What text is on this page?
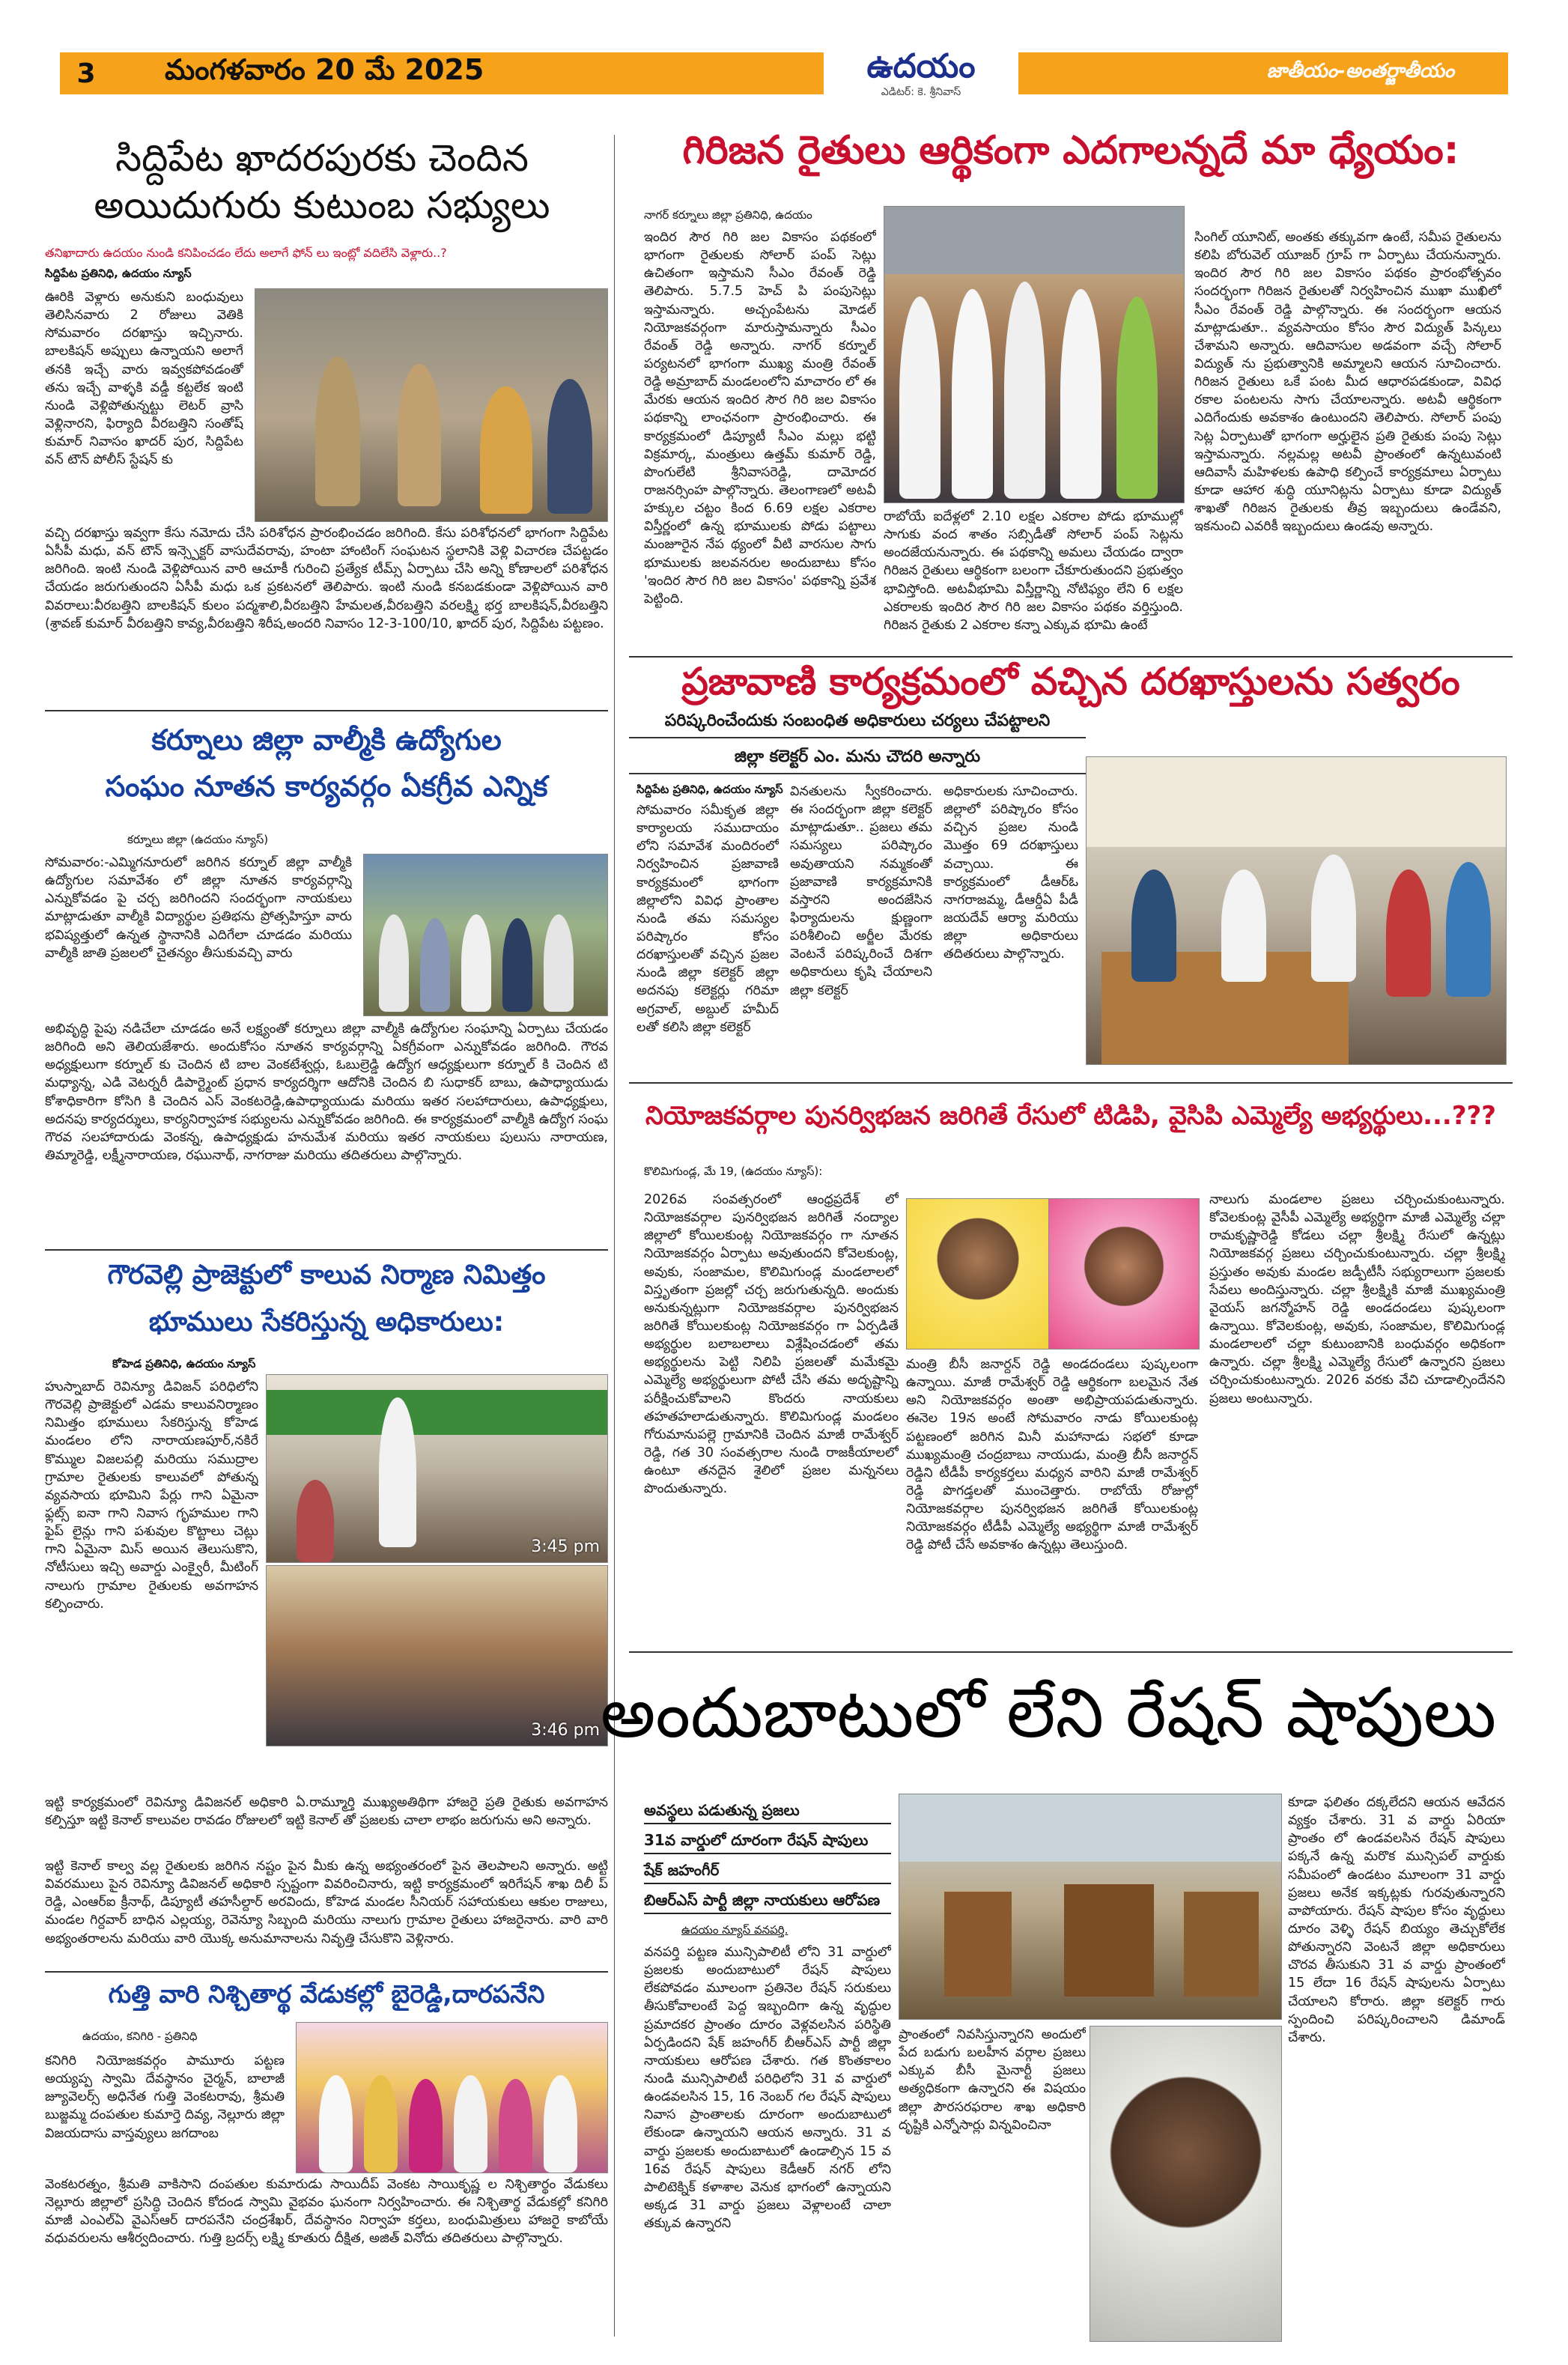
3	మంగళవారం 20 మే 2025	ఉదయం
ఎడిటర్: కె. శ్రీనివాస్
జాతీయం-అంతర్జాతీయం
సిద్దిపేట ఖాదరపురకు చెందిన
అయిదుగురు కుటుంబ సభ్యులు
తనిఖాదారు ఉదయం నుండి కనిపించడం లేదు అలాగే ఫోన్ లు ఇంట్లో వదిలేసి వెళ్లారు..?
సిద్దిపేట ప్రతినిధి, ఉదయం న్యూస్
ఊరికి వెళ్లారు అనుకుని బంధువులు తెలిసినవారు 2 రోజులు వెతికి సోమవారం దరఖాస్తు ఇచ్చినారు. బాలకిషన్ అప్పులు ఉన్నాయని అలాగే తనకి ఇచ్చే వారు ఇవ్వకపోవడంతో తను ఇచ్చే వాళ్ళకి వడ్డీ కట్టలేక ఇంటి నుండి వెళ్లిపోతున్నట్టు లెటర్ వ్రాసి వెళ్లినారని, ఫిర్యాది వీరబత్తిని సంతోష్ కుమార్ నివాసం ఖాదర్ పుర, సిద్దిపేట వన్ టౌన్ పోలీస్ స్టేషన్ కు
వచ్చి దరఖాస్తు ఇవ్వగా కేసు నమోదు చేసి పరిశోధన ప్రారంభించడం జరిగింది. కేసు పరిశోధనలో భాగంగా సిద్దిపేట ఏసీపీ మధు, వన్ టౌన్ ఇన్స్పెక్టర్ వాసుదేవరావు, హంటా హాంటింగ్ సంఘటన స్థలానికి వెళ్లి విచారణ చేపట్టడం జరిగింది. ఇంటి నుండి వెళ్లిపోయిన వారి ఆచూకీ గురించి ప్రత్యేక టీమ్స్ ఏర్పాటు చేసి అన్ని కోణాలలో పరిశోధన చేయడం జరుగుతుందని ఏసీపీ మధు ఒక ప్రకటనలో తెలిపారు. ఇంటి నుండి కనబడకుండా వెళ్లిపోయిన వారి వివరాలు:వీరబత్తిని బాలకిషన్ కులం పద్మశాలి,వీరబత్తిని హేమలత,వీరబత్తిని వరలక్ష్మి భర్త బాలకిషన్,వీరబత్తిని (శ్రావణ్ కుమార్ వీరబత్తిని కావ్య,వీరబత్తిని శిరీష,అందరి నివాసం 12-3-100/10, ఖాదర్ పుర, సిద్దిపేట పట్టణం.
కర్నూలు జిల్లా వాల్మీకి ఉద్యోగుల
సంఘం నూతన కార్యవర్గం ఏకగ్రీవ ఎన్నిక
కర్నూలు జిల్లా (ఉదయం న్యూస్)
సోమవారం:-ఎమ్మిగనూరులో జరిగిన కర్నూల్ జిల్లా వాల్మీకి ఉద్యోగుల సమావేశం లో జిల్లా నూతన కార్యవర్గాన్ని ఎన్నుకోవడం పై చర్చ జరిగిందని సందర్భంగా నాయకులు మాట్లాడుతూ వాల్మీకి విద్యార్థుల ప్రతిభను ప్రోత్సహిస్తూ వారు భవిష్యత్తులో ఉన్నత స్థానానికి ఎదిగేలా చూడడం మరియు వాల్మీకి జాతి ప్రజలలో చైతన్యం తీసుకువచ్చి వారు
అభివృద్ధి పైపు నడిచేలా చూడడం అనే లక్ష్యంతో కర్నూలు జిల్లా వాల్మీకి ఉద్యోగుల సంఘాన్ని ఏర్పాటు చేయడం జరిగింది అని తెలియజేశారు. అందుకోసం నూతన కార్యవర్గాన్ని ఏకగ్రీవంగా ఎన్నుకోవడం జరిగింది. గౌరవ అధ్యక్షులుగా కర్నూల్ కు చెందిన టి బాల వెంకటేశ్వర్లు, ఓబుల్రెడ్డి ఉద్యోగ ఆధ్యక్షులుగా కర్నూల్ కి చెందిన టి మధ్యాన్న, ఎడి వెటర్నరీ డిపార్ట్మెంట్ ప్రధాన కార్యదర్శిగా ఆదోనికి చెందిన బి సుధాకర్ బాబు, ఉపాధ్యాయుడు కోశాధికారిగా కోసిగి కి చెందిన ఎస్ వెంకటరెడ్డి,ఉపాధ్యాయుడు మరియు ఇతర సలహాదారులు, ఉపాధ్యక్షులు, అదనపు కార్యదర్శులు, కార్యనిర్వాహక సభ్యులను ఎన్నుకోవడం జరిగింది. ఈ కార్యక్రమంలో వాల్మీకి ఉద్యోగ సంఘ గౌరవ సలహాదారుడు వెంకన్న, ఉపాధ్యక్షుడు హనుమేశ మరియు ఇతర నాయకులు పులుసు నారాయణ, తిమ్మారెడ్డి, లక్ష్మీనారాయణ, రఘునాథ్, నాగరాజు మరియు తదితరులు పాల్గొన్నారు.
గౌరవెల్లి ప్రాజెక్టులో కాలువ నిర్మాణ నిమిత్తం
భూములు సేకరిస్తున్న అధికారులు:
కోహెడ ప్రతినిధి, ఉదయం న్యూస్
హుస్నాబాద్ రెవిన్యూ డివిజన్ పరిధిలోని గౌరవెల్లి ప్రాజెక్టులో ఎడమ కాలువనిర్మాణం నిమిత్తం భూములు సేకరిస్తున్న కోహెడ మండలం లోని నారాయణపూర్,నకిరే కొమ్ముల విజలపల్లి మరియు సముద్రాల గ్రామాల రైతులకు కాలువలో పోతున్న వ్యవసాయ భూమిని పేర్లు గాని ఏమైనా ఫ్లట్స్ ఐనా గాని నివాస గృహముల గాని ఫైప్ లైన్లు గాని పశువుల కొట్టాలు చెట్లు గాని ఏమైనా మిస్ అయిన తెలుసుకొని, నోటీసులు ఇచ్చి అవార్డు ఎంక్వైరీ, మీటింగ్ నాలుగు గ్రామాల రైతులకు అవగాహన కల్పించారు.
3:45 pm
3:46 pm
ఇట్టి కార్యక్రమంలో రెవిన్యూ డివిజనల్ అధికారి ఏ.రామ్మూర్తి ముఖ్యఅతిథిగా హాజరై ప్రతి రైతుకు అవగాహన కల్పిస్తూ ఇట్టి కెనాల్ కాలువల రావడం రోజులలో ఇట్టి కెనాల్ తో ప్రజలకు చాలా లాభం జరుగును అని అన్నారు.
ఇట్టి కెనాల్ కాల్వ వల్ల రైతులకు జరిగిన నష్టం పైన మీకు ఉన్న అభ్యంతరంలో పైన తెలపాలని అన్నారు. అట్టి వివరములు పైన రెవిన్యూ డివిజనల్ అధికారి స్పష్టంగా వివరించినారు, ఇట్టి కార్యక్రమంలో ఇరిగేషన్ శాఖ దిలీ ప్ రెడ్డి, ఎంఆర్ఐ క్రీనాథ్, డిప్యూటీ తహసీల్దార్ అరవిందు, కోహెడ మండల సీనియర్ సహాయకులు ఆకుల రాజులు, మండల గిర్దవార్ బాధిన ఎల్లయ్య, రెవెన్యూ సిబ్బంది మరియు నాలుగు గ్రామాల రైతులు హాజరైనారు. వారి వారి అభ్యంతరాలను మరియు వారి యొక్క అనుమానాలను నివృత్తి చేసుకొని వెళ్లినారు.
గుత్తి వారి నిశ్చితార్థ వేడుకల్లో బైరెడ్డి,దారపనేని
ఉదయం, కనిగిరి - ప్రతినిధి
కనిగిరి నియోజకవర్గం పామూరు పట్టణ అయ్యప్ప స్వామి దేవస్థానం చైర్మన్, బాలాజీ జ్యూవెలర్స్ అధినేత గుత్తి వెంకటరావు, శ్రీమతి బుజ్జమ్మ దంపతుల కుమార్తె దివ్య, నెల్లూరు జిల్లా విజయదాసు వాస్తవ్యులు జగదాంబ
వెంకటరత్నం, శ్రీమతి వాకిసాని దంపతుల కుమారుడు సాయిదీప్ వెంకట సాయికృష్ణ ల నిశ్చితార్థం వేడుకలు నెల్లూరు జిల్లాలో ప్రసిద్ధి చెందిన కోదండ స్వామి వైభవం ఘనంగా నిర్వహించారు. ఈ నిశ్చితార్థ వేడుకల్లో కనిగిరి మాజీ ఎంఎల్ఏ వైఎస్ఆర్ దారపనేని చంద్రశేఖర్, దేవస్థానం నిర్వాహ కర్తలు, బంధుమిత్రులు హాజరై కాబోయే వధువరులను ఆశీర్వదించారు. గుత్తి బ్రదర్స్ లక్ష్మి కూతురు దీక్షిత, అజిత్ వినోదు తదితరులు పాల్గొన్నారు.
గిరిజన రైతులు ఆర్థికంగా ఎదగాలన్నదే మా ధ్యేయం:
నాగర్ కర్నూలు జిల్లా ప్రతినిధి, ఉదయం
ఇందిర సౌర గిరి జల వికాసం పథకంలో భాగంగా రైతులకు సోలార్ పంప్ సెట్లు ఉచితంగా ఇస్తామని సీఎం రేవంత్ రెడ్డి తెలిపారు. 5.7.5 హెచ్ పి పంపుసెట్లు ఇస్తామన్నారు. అచ్చంపేటను మోడల్ నియోజకవర్గంగా మారుస్తామన్నారు సీఎం రేవంత్ రెడ్డి అన్నారు. నాగర్ కర్నూల్ పర్యటనలో భాగంగా ముఖ్య మంత్రి రేవంత్ రెడ్డి అమ్రాబాద్ మండలంలోని మాచారం లో ఈ మేరకు ఆయన ఇందిర సౌర గిరి జల వికాసం పథకాన్ని లాంఛనంగా ప్రారంభించారు. ఈ కార్యక్రమంలో డిప్యూటీ సీఎం మల్లు భట్టి విక్రమార్క, మంత్రులు ఉత్తమ్ కుమార్ రెడ్డి, పొంగులేటి శ్రీనివాసరెడ్డి, దామోదర రాజనర్సింహ పాల్గొన్నారు. తెలంగాణలో అటవీ హక్కుల చట్టం కింద 6.69 లక్షల ఎకరాల విస్తీర్ణంలో ఉన్న భూములకు పోడు పట్టాలు మంజూరైన నేప థ్యంలో వీటి వారసుల సాగు భూములకు జలవనరుల అందుబాటు కోసం 'ఇందిర సౌర గిరి జల వికాసం' పథకాన్ని ప్రవేశ పెట్టింది.
రాబోయే ఐదేళ్లలో 2.10 లక్షల ఎకరాల పోడు భూముల్లో సాగుకు వంద శాతం సబ్సిడీతో సోలార్ పంప్ సెట్లను అందజేయనున్నారు. ఈ పథకాన్ని అమలు చేయడం ద్వారా గిరిజన రైతులు ఆర్థికంగా బలంగా చేకూరుతుందని ప్రభుత్వం భావిస్తోంది. అటవీభూమి విస్తీర్ణాన్ని నోటిఫ్యం లేని 6 లక్షల ఎకరాలకు ఇందిర సౌర గిరి జల వికాసం పథకం వర్తిస్తుంది. గిరిజన రైతుకు 2 ఎకరాల కన్నా ఎక్కువ భూమి ఉంటే
సింగిల్ యూనిట్, అంతకు తక్కువగా ఉంటే, సమీప రైతులను కలిపి బోరువెల్ యూజర్ గ్రూప్ గా ఏర్పాటు చేయనున్నారు. ఇందిర సౌర గిరి జల వికాసం పథకం ప్రారంభోత్సవం సందర్భంగా గిరిజన రైతులతో నిర్వహించిన ముఖా ముఖిలో సీఎం రేవంత్ రెడ్డి పాల్గొన్నారు. ఈ సందర్భంగా ఆయన మాట్లాడుతూ.. వ్యవసాయం కోసం సౌర విద్యుత్ పిన్కలు చేశామని అన్నారు. ఆదివాసుల అడవంగా వచ్చే సోలార్ విద్యుత్ ను ప్రభుత్వానికి అమ్మాలని ఆయన సూచించారు. గిరిజన రైతులు ఒకే పంట మీద ఆధారపడకుండా, వివిధ రకాల పంటలను సాగు చేయాలన్నారు. అటవీ ఆర్థికంగా ఎదిగేందుకు అవకాశం ఉంటుందని తెలిపారు. సోలార్ పంపు సెట్ల ఏర్పాటుతో భాగంగా అర్హులైన ప్రతి రైతుకు పంపు సెట్లు ఇస్తామన్నారు. నల్లమల్ల అటవీ ప్రాంతంలో ఉన్నటువంటి ఆదివాసీ మహిళలకు ఉపాధి కల్పించే కార్యక్రమాలు ఏర్పాటు కూడా ఆహార శుద్ధి యూనిట్లను ఏర్పాటు కూడా విద్యుత్ శాఖతో గిరిజన రైతులకు తీవ్ర ఇబ్బందులు ఉండేవని, ఇకనుంచి ఎవరికీ ఇబ్బందులు ఉండవు అన్నారు.
ప్రజావాణి కార్యక్రమంలో వచ్చిన దరఖాస్తులను సత్వరం
పరిష్కరించేందుకు సంబంధిత అధికారులు చర్యలు చేపట్టాలని
జిల్లా కలెక్టర్ ఎం. మను చౌదరి అన్నారు
సిద్దిపేట ప్రతినిధి, ఉదయం న్యూస్
సోమవారం సమీకృత జిల్లా కార్యాలయ సముదాయం లోని సమావేశ మందిరంలో నిర్వహించిన ప్రజావాణి కార్యక్రమంలో భాగంగా జిల్లాలోని వివిధ ప్రాంతాల నుండి తమ సమస్యల పరిష్కారం కోసం దరఖాస్తులతో వచ్చిన ప్రజల నుండి జిల్లా కలెక్టర్ జిల్లా అదనపు కలెక్టర్లు గరిమా అగ్రవాల్, అబ్దుల్ హమీద్ లతో కలిసి జిల్లా కలెక్టర్
వినతులను స్వీకరించారు. ఈ సందర్భంగా జిల్లా కలెక్టర్ మాట్లాడుతూ.. ప్రజలు తమ సమస్యలు పరిష్కారం అవుతాయని నమ్మకంతో ప్రజావాణి కార్యక్రమానికి వస్తారని అందజేసిన ఫిర్యాదులను క్షుణ్ణంగా పరిశీలించి అర్జీల మేరకు వెంటనే పరిష్కరించే దిశగా అధికారులు కృషి చేయాలని జిల్లా కలెక్టర్
అధికారులకు సూచించారు. జిల్లాలో పరిష్కారం కోసం వచ్చిన ప్రజల నుండి మొత్తం 69 దరఖాస్తులు వచ్చాయి. ఈ కార్యక్రమంలో డీఆర్ఓ నాగరాజమ్మ, డీఆర్డీఏ పీడీ జయదేవ్ ఆర్యా మరియు జిల్లా అధికారులు తదితరులు పాల్గొన్నారు.
నియోజకవర్గాల పునర్విభజన జరిగితే రేసులో టిడిపి, వైసిపి ఎమ్మెల్యే అభ్యర్థులు...???
కొలిమిగుండ్ల, మే 19, (ఉదయం న్యూస్):
2026వ సంవత్సరంలో ఆంధ్రప్రదేశ్ లో నియోజకవర్గాల పునర్విభజన జరిగితే నంద్యాల జిల్లాలో కోయిలకుంట్ల నియోజకవర్గం గా నూతన నియోజకవర్గం ఏర్పాటు అవుతుందని కోవెలకుంట్ల, అవుకు, సంజామల, కొలిమిగుండ్ల మండలాలలో విస్తృతంగా ప్రజల్లో చర్చ జరుగుతున్నది. అందుకు అనుకున్నట్లుగా నియోజకవర్గాల పునర్విభజన జరిగితే కోయిలకుంట్ల నియోజకవర్గం గా ఏర్పడితే అభ్యర్థుల బలాబలాలు విశ్లేషించడంలో తమ అభ్యర్థులను పెట్టి నిలిపి ప్రజలతో మమేకమై ఎమ్మెల్యే అభ్యర్థులుగా పోటీ చేసి తమ అదృష్టాన్ని పరీక్షించుకోవాలని కొందరు నాయకులు తహతహలాడుతున్నారు. కొలిమిగుండ్ల మండలం గోరుమానుపల్లె గ్రామానికి చెందిన మాజీ రామేశ్వర్ రెడ్డి, గత 30 సంవత్సరాల నుండి రాజకీయాలలో ఉంటూ తనదైన శైలిలో ప్రజల మన్ననలు పొందుతున్నారు.
మంత్రి బీసీ జనార్దన్ రెడ్డి అండదండలు పుష్కలంగా ఉన్నాయి. మాజీ రామేశ్వర్ రెడ్డి ఆర్థికంగా బలమైన నేత అని నియోజకవర్గం అంతా అభిప్రాయపడుతున్నారు. ఈనెల 19న అంటే సోమవారం నాడు కోయిలకుంట్ల పట్టణంలో జరిగిన మినీ మహానాడు సభలో కూడా ముఖ్యమంత్రి చంద్రబాబు నాయుడు, మంత్రి బీసీ జనార్దన్ రెడ్డిని టీడీపీ కార్యకర్తలు మధ్యన వారిని మాజీ రామేశ్వర్ రెడ్డి పొగడ్తలతో ముంచెత్తారు. రాబోయే రోజుల్లో నియోజకవర్గాల పునర్విభజన జరిగితే కోయిలకుంట్ల నియోజకవర్గం టీడీపీ ఎమ్మెల్యే అభ్యర్థిగా మాజీ రామేశ్వర్ రెడ్డి పోటీ చేసే అవకాశం ఉన్నట్లు తెలుస్తుంది.
నాలుగు మండలాల ప్రజలు చర్చించుకుంటున్నారు. కోవెలకుంట్ల వైసీపీ ఎమ్మెల్యే అభ్యర్థిగా మాజీ ఎమ్మెల్యే చల్లా రామకృష్ణారెడ్డి కోడలు చల్లా శ్రీలక్ష్మి రేసులో ఉన్నట్లు నియోజకవర్గ ప్రజలు చర్చించుకుంటున్నారు. చల్లా శ్రీలక్ష్మి ప్రస్తుతం అవుకు మండల జడ్పీటీసీ సభ్యురాలుగా ప్రజలకు సేవలు అందిస్తున్నారు. చల్లా శ్రీలక్ష్మికి మాజీ ముఖ్యమంత్రి వైయస్ జగన్మోహన్ రెడ్డి అండదండలు పుష్కలంగా ఉన్నాయి. కోవెలకుంట్ల, అవుకు, సంజామల, కొలిమిగుండ్ల మండలాలలో చల్లా కుటుంబానికి బంధువర్గం అధికంగా ఉన్నారు. చల్లా శ్రీలక్ష్మి ఎమ్మెల్యే రేసులో ఉన్నారని ప్రజలు చర్చించుకుంటున్నారు. 2026 వరకు వేచి చూడాల్సిందేనని ప్రజలు అంటున్నారు.
అందుబాటులో లేని రేషన్ షాపులు
అవస్థలు పడుతున్న ప్రజలు
31వ వార్డులో దూరంగా రేషన్ షాపులు
షేక్ జహంగీర్
బిఆర్ఎస్ పార్టీ జిల్లా నాయకులు ఆరోపణ
ఉదయం న్యూస్ వనపర్తి.
వనపర్తి పట్టణ మున్సిపాలిటీ లోని 31 వార్డులో ప్రజలకు అందుబాటులో రేషన్ షాపులు లేకపోవడం మూలంగా ప్రతినెల రేషన్ సరుకులు తీసుకోవాలంటే పెద్ద ఇబ్బందిగా ఉన్న వృద్ధుల ప్రమాదకర ప్రాంతం దూరం వెళ్లవలసిన పరిస్థితి ఏర్పడిందని షేక్ జహంగీర్ బీఆర్ఎస్ పార్టీ జిల్లా నాయకులు ఆరోపణ చేశారు. గత కొంతకాలం నుండి మున్సిపాలిటీ పరిధిలోని 31 వ వార్డులో ఉండవలసిన 15, 16 నెంబర్ గల రేషన్ షాపులు నివాస ప్రాంతాలకు దూరంగా అందుబాటులో లేకుండా ఉన్నాయని ఆయన అన్నారు. 31 వ వార్డు ప్రజలకు అందుబాటులో ఉండాల్సిన 15 వ 16వ రేషన్ షాపులు కెడీఆర్ నగర్ లోని పాలిటెక్నిక్ కళాశాల వెనుక భాగంలో ఉన్నాయని అక్కడ 31 వార్డు ప్రజలు వెళ్లాలంటే చాలా తక్కువ ఉన్నారని
ప్రాంతంలో నివసిస్తున్నారని అందులో పేద బడుగు బలహీన వర్గాల ప్రజలు ఎక్కువ బీసీ మైనార్టీ ప్రజలు అత్యధికంగా ఉన్నారని ఈ విషయం జిల్లా పౌరసరఫరాల శాఖ అధికారి దృష్టికి ఎన్నోసార్లు విన్నవించినా
కూడా ఫలితం దక్కలేదని ఆయన ఆవేదన వ్యక్తం చేశారు. 31 వ వార్డు ఏరియా ప్రాంతం లో ఉండవలసిన రేషన్ షాపులు పక్కనే ఉన్న మరొక మున్సిపల్ వార్డుకు సమీపంలో ఉండటం మూలంగా 31 వార్డు ప్రజలు అనేక ఇక్కట్లకు గురవుతున్నారని వాపోయారు. రేషన్ షాపుల కోసం వృద్ధులు దూరం వెళ్ళి రేషన్ బియ్యం తెచ్చుకోలేక పోతున్నారని వెంటనే జిల్లా అధికారులు చొరవ తీసుకుని 31 వ వార్డు ప్రాంతంలో 15 లేదా 16 రేషన్ షాపులను ఏర్పాటు చేయాలని కోరారు. జిల్లా కలెక్టర్ గారు స్పందించి పరిష్కరించాలని డిమాండ్ చేశారు.
